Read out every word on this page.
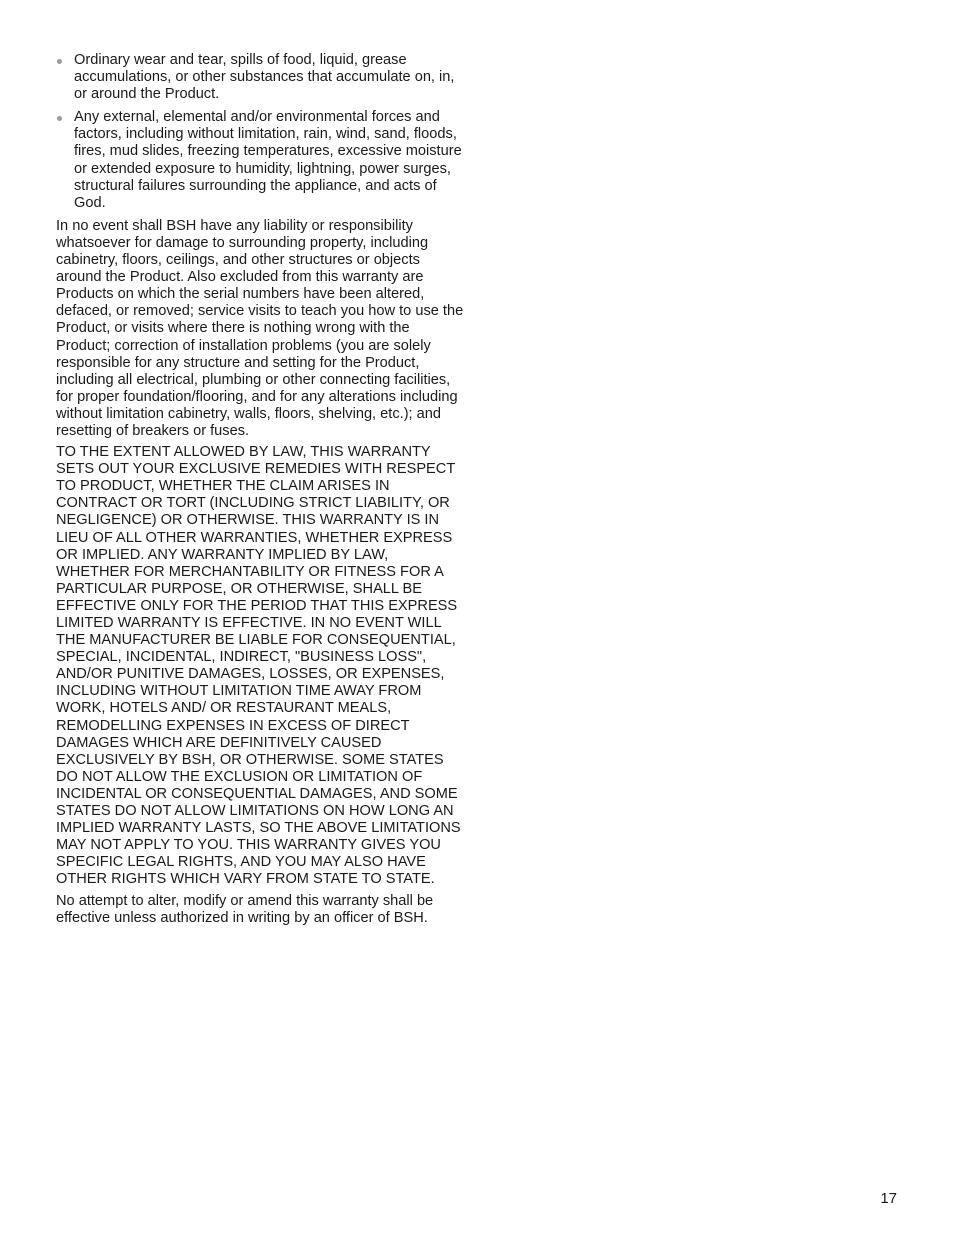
Ordinary wear and tear, spills of food, liquid, grease accumulations, or other substances that accumulate on, in, or around the Product.
Any external, elemental and/or environmental forces and factors, including without limitation, rain, wind, sand, floods, fires, mud slides, freezing temperatures, excessive moisture or extended exposure to humidity, lightning, power surges, structural failures surrounding the appliance, and acts of God.

In no event shall BSH have any liability or responsibility whatsoever for damage to surrounding property, including cabinetry, floors, ceilings, and other structures or objects around the Product. Also excluded from this warranty are Products on which the serial numbers have been altered, defaced, or removed; service visits to teach you how to use the Product, or visits where there is nothing wrong with the Product; correction of installation problems (you are solely responsible for any structure and setting for the Product, including all electrical, plumbing or other connecting facilities, for proper foundation/flooring, and for any alterations including without limitation cabinetry, walls, floors, shelving, etc.); and resetting of breakers or fuses.

TO THE EXTENT ALLOWED BY LAW, THIS WARRANTY SETS OUT YOUR EXCLUSIVE REMEDIES WITH RESPECT TO PRODUCT, WHETHER THE CLAIM ARISES IN CONTRACT OR TORT (INCLUDING STRICT LIABILITY, OR NEGLIGENCE) OR OTHERWISE. THIS WARRANTY IS IN LIEU OF ALL OTHER WARRANTIES, WHETHER EXPRESS OR IMPLIED. ANY WARRANTY IMPLIED BY LAW, WHETHER FOR MERCHANTABILITY OR FITNESS FOR A PARTICULAR PURPOSE, OR OTHERWISE, SHALL BE EFFECTIVE ONLY FOR THE PERIOD THAT THIS EXPRESS LIMITED WARRANTY IS EFFECTIVE. IN NO EVENT WILL THE MANUFACTURER BE LIABLE FOR CONSEQUENTIAL, SPECIAL, INCIDENTAL, INDIRECT, "BUSINESS LOSS", AND/OR PUNITIVE DAMAGES, LOSSES, OR EXPENSES, INCLUDING WITHOUT LIMITATION TIME AWAY FROM WORK, HOTELS AND/ OR RESTAURANT MEALS, REMODELLING EXPENSES IN EXCESS OF DIRECT DAMAGES WHICH ARE DEFINITIVELY CAUSED EXCLUSIVELY BY BSH, OR OTHERWISE. SOME STATES DO NOT ALLOW THE EXCLUSION OR LIMITATION OF INCIDENTAL OR CONSEQUENTIAL DAMAGES, AND SOME STATES DO NOT ALLOW LIMITATIONS ON HOW LONG AN IMPLIED WARRANTY LASTS, SO THE ABOVE LIMITATIONS MAY NOT APPLY TO YOU. THIS WARRANTY GIVES YOU SPECIFIC LEGAL RIGHTS, AND YOU MAY ALSO HAVE OTHER RIGHTS WHICH VARY FROM STATE TO STATE.

No attempt to alter, modify or amend this warranty shall be effective unless authorized in writing by an officer of BSH.

17
